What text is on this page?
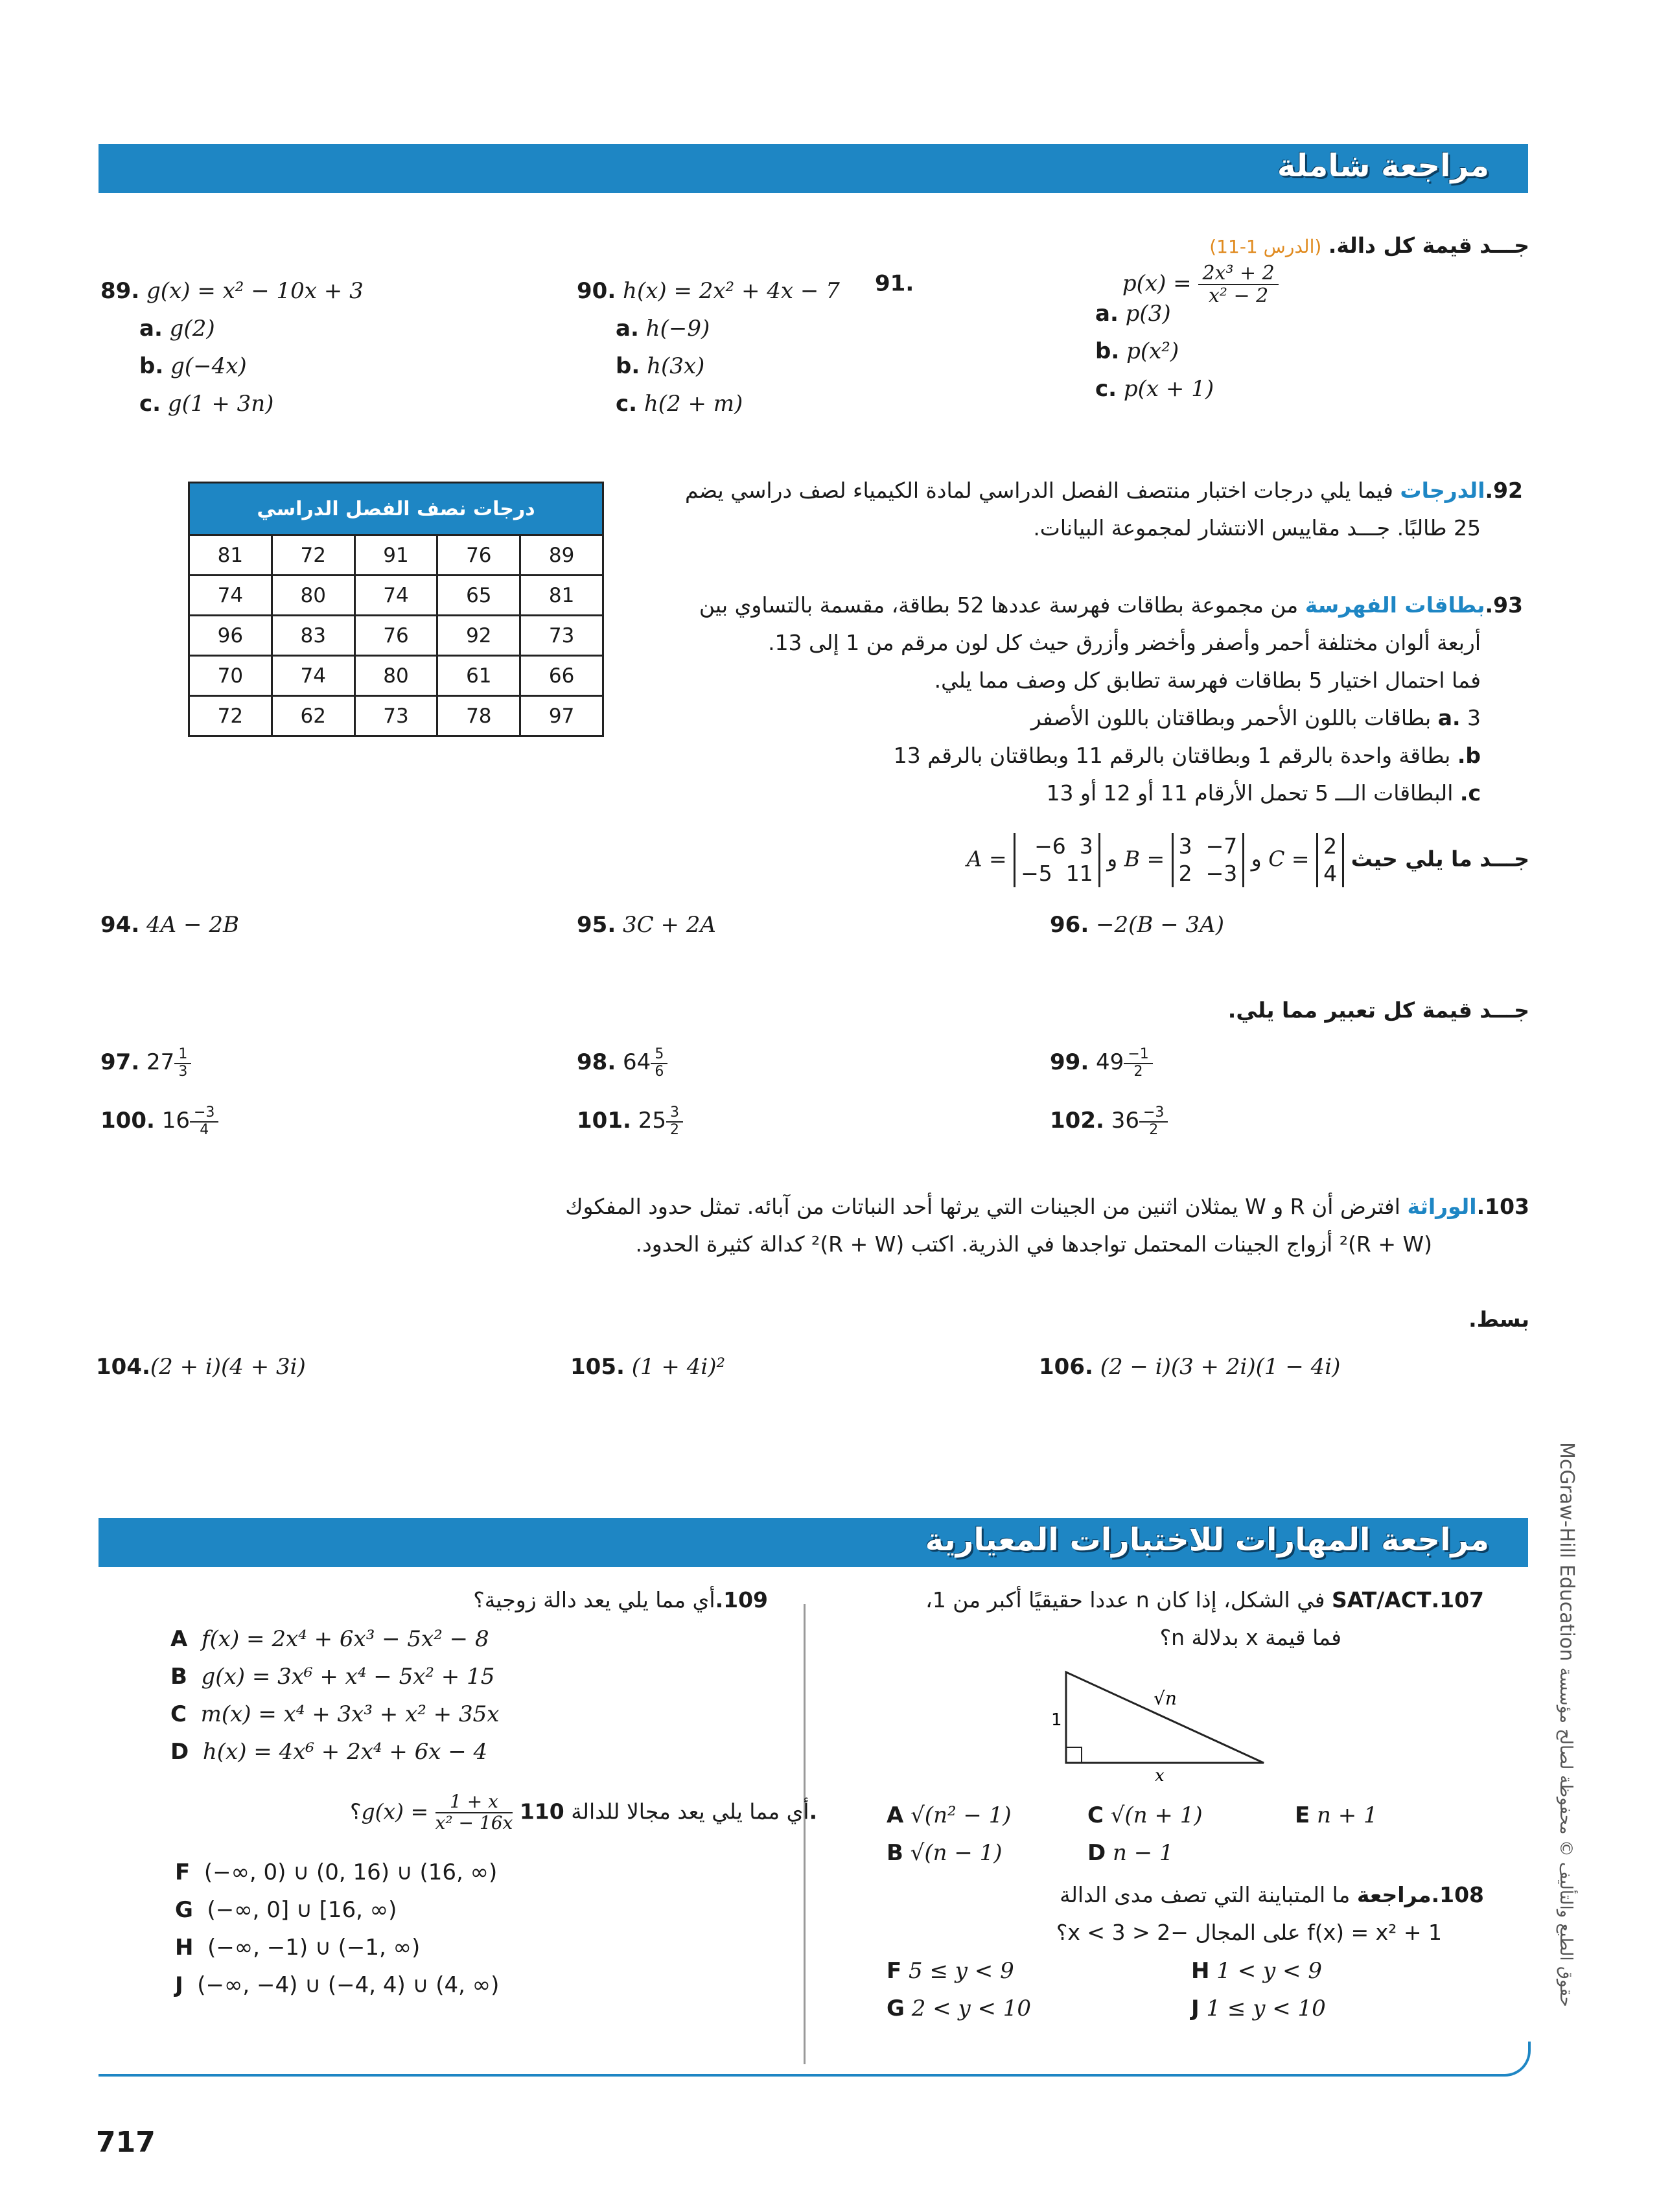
مراجعة شاملة
جـــد قيمة كل دالة. (الدرس 1-11)
89. g(x) = x² − 10x + 3
a. g(2)
b. g(−4x)
c. g(1 + 3n)
90. h(x) = 2x² + 4x − 7
a. h(−9)
b. h(3x)
c. h(2 + m)
91.	$p(x) = \frac{\text{2x³ + 2}}{\text{x² − 2}}$
a. p(3)
b. p(x²)
c. p(x + 1)
درجات نصف الفصل الدراسي				
81	72	91	76	89
74	80	74	65	81
96	83	76	92	73
70	74	80	61	66
72	62	73	78	97
92.الدرجات فيما يلي درجات اختبار منتصف الفصل الدراسي لمادة الكيمياء لصف دراسي يضم
25 طالبًا. جـــد مقاييس الانتشار لمجموعة البيانات.
93.بطاقات الفهرسة من مجموعة بطاقات فهرسة عددها 52 بطاقة، مقسمة بالتساوي بين
أربعة ألوان مختلفة أحمر وأصفر وأخضر وأزرق حيث كل لون مرقم من 1 إلى 13.
فما احتمال اختيار 5 بطاقات فهرسة تطابق كل وصف مما يلي.
a. 3 بطاقات باللون الأحمر وبطاقتان باللون الأصفر
b. بطاقة واحدة بالرقم 1 وبطاقتان بالرقم 11 وبطاقتان بالرقم 13
c. البطاقات الـــ 5 تحمل الأرقام 11 أو 12 أو 13
A = −6 3
−5 11 و B = 3 −7
2 −3 و C = 2
4 جـــد ما يلي حيث
94. 4A − 2B	95. 3C + 2A	96. −2(B − 3A)
جـــد قيمة كل تعبير مما يلي.
97. $27 \frac{1}{3}$	98. $64 \frac{5}{6}$	99. $49 \frac{-1}{2}$
100. $16 \frac{-3}{4}$	101. $25 \frac{3}{2}$	102. $36 \frac{-3}{2}$
103.الوراثة افترض أن R و W يمثلان اثنين من الجينات التي يرثها أحد النباتات من آبائه. تمثل حدود المفكوك
(R + W)² أزواج الجينات المحتمل تواجدها في الذرية. اكتب (R + W)² كدالة كثيرة الحدود.
بسط.
104.(2 + i)(4 + 3i)	105. (1 + 4i)²	106. (2 − i)(3 + 2i)(1 − 4i)
مراجعة المهارات للاختبارات المعيارية
107.SAT/ACT في الشكل، إذا كان n عددا حقيقيًا أكبر من 1،
فما قيمة x بدلالة n؟
√n
1
x
A √(n² − 1)	C √(n + 1)	E n + 1
B √(n − 1)	D n − 1
108.مراجعة ما المتباينة التي تصف مدى الدالة
f(x) = x² + 1 على المجال −2 < x < 3؟
F 5 ≤ y < 9	H 1 < y < 9
G 2 < y < 10	J 1 ≤ y < 10
109.أي مما يلي يعد دالة زوجية؟
A f(x) = 2x⁴ + 6x³ − 5x² − 8
B g(x) = 3x⁶ + x⁴ − 5x² + 15
C m(x) = x⁴ + 3x³ + x² + 35x
D h(x) = 4x⁶ + 2x⁴ + 6x − 4
؟g(x) = $\frac{1 + x}{\text{x² − 16x}}$	أي مما يلي يعد مجالا للدالة 110.
F (−∞, 0) ∪ (0, 16) ∪ (16, ∞)
G (−∞, 0] ∪ [16, ∞)
H (−∞, −1) ∪ (−1, ∞)
J (−∞, −4) ∪ (−4, 4) ∪ (4, ∞)
717
McGraw-Hill Education حقوق الطبع والتأليف © محفوظة لصالح مؤسسة
